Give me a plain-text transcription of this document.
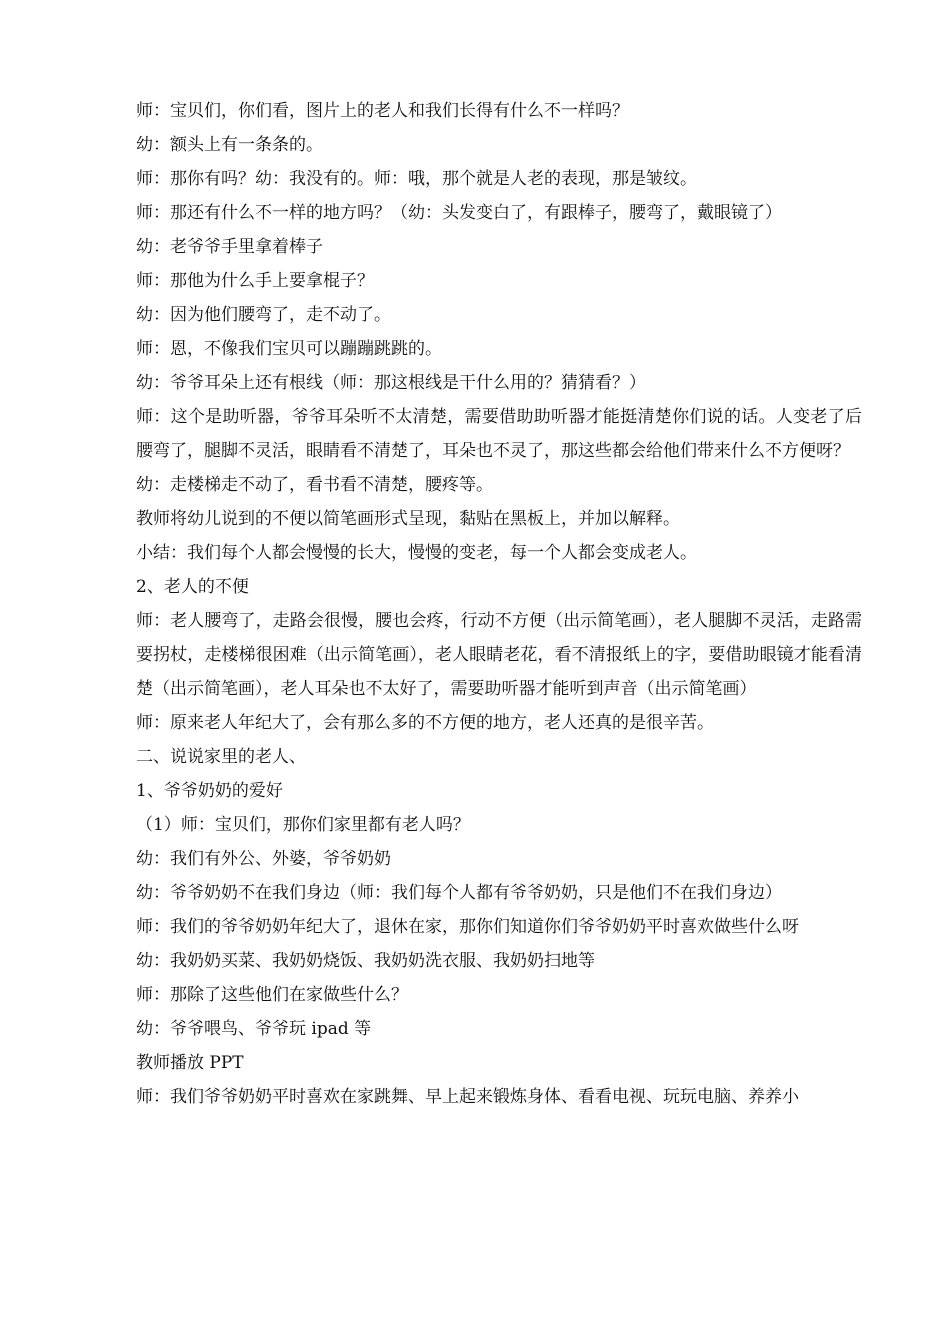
师：宝贝们，你们看，图片上的老人和我们长得有什么不一样吗？
幼：额头上有一条条的。
师：那你有吗？幼：我没有的。师：哦，那个就是人老的表现，那是皱纹。
师：那还有什么不一样的地方吗？（幼：头发变白了，有跟棒子，腰弯了，戴眼镜了）
幼：老爷爷手里拿着棒子
师：那他为什么手上要拿棍子？
幼：因为他们腰弯了，走不动了。
师：恩，不像我们宝贝可以蹦蹦跳跳的。
幼：爷爷耳朵上还有根线（师：那这根线是干什么用的？猜猜看？）
师：这个是助听器，爷爷耳朵听不太清楚，需要借助助听器才能挺清楚你们说的话。人变老了后腰弯了，腿脚不灵活，眼睛看不清楚了，耳朵也不灵了，那这些都会给他们带来什么不方便呀？
幼：走楼梯走不动了，看书看不清楚，腰疼等。
教师将幼儿说到的不便以简笔画形式呈现，黏贴在黑板上，并加以解释。
小结：我们每个人都会慢慢的长大，慢慢的变老，每一个人都会变成老人。
2、老人的不便
师：老人腰弯了，走路会很慢，腰也会疼，行动不方便（出示简笔画），老人腿脚不灵活，走路需要拐杖，走楼梯很困难（出示简笔画），老人眼睛老花，看不清报纸上的字，要借助眼镜才能看清楚（出示简笔画），老人耳朵也不太好了，需要助听器才能听到声音（出示简笔画）
师：原来老人年纪大了，会有那么多的不方便的地方，老人还真的是很辛苦。
二、说说家里的老人、
1、爷爷奶奶的爱好
（1）师：宝贝们，那你们家里都有老人吗？
幼：我们有外公、外婆，爷爷奶奶
幼：爷爷奶奶不在我们身边（师：我们每个人都有爷爷奶奶，只是他们不在我们身边）
师：我们的爷爷奶奶年纪大了，退休在家，那你们知道你们爷爷奶奶平时喜欢做些什么呀
幼：我奶奶买菜、我奶奶烧饭、我奶奶洗衣服、我奶奶扫地等
师：那除了这些他们在家做些什么？
幼：爷爷喂鸟、爷爷玩 ipad 等
教师播放 PPT
师：我们爷爷奶奶平时喜欢在家跳舞、早上起来锻炼身体、看看电视、玩玩电脑、养养小
